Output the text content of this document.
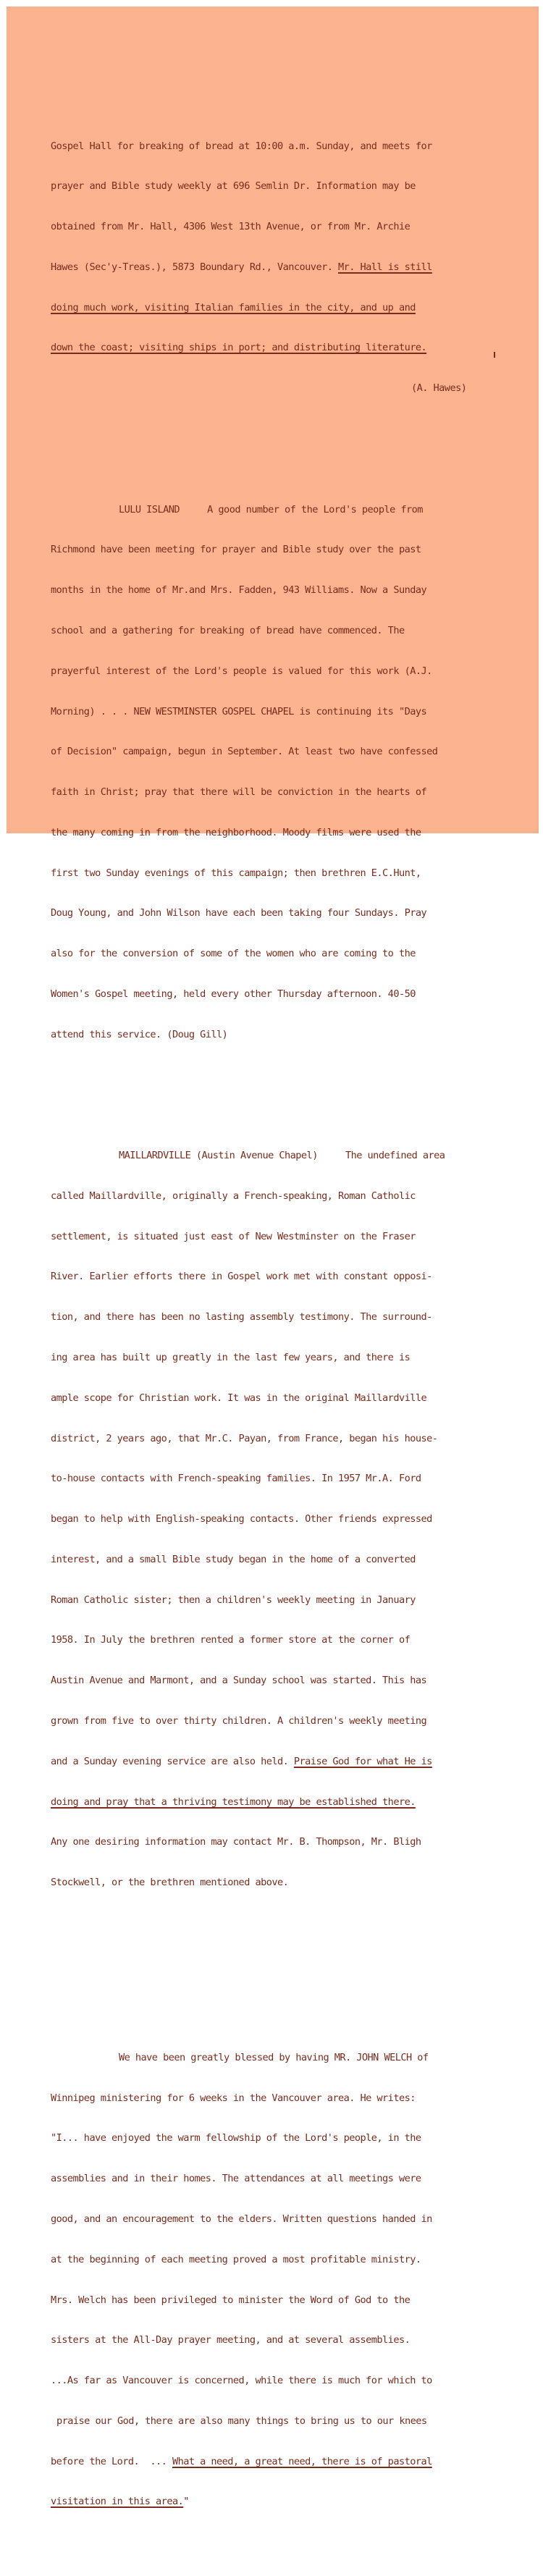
Gospel Hall for breaking of bread at 10:00 a.m. Sunday, and meets for

prayer and Bible study weekly at 696 Semlin Dr. Information may be

obtained from Mr. Hall, 4306 West 13th Avenue, or from Mr. Archie

Hawes (Sec'y-Treas.), 5873 Boundary Rd., Vancouver. Mr. Hall is still

doing much work, visiting Italian families in the city, and up and

down the coast; visiting ships in port; and distributing literature.

(A. Hawes)

LULU ISLAND	A good number of the Lord's people from

Richmond have been meeting for prayer and Bible study over the past

months in the home of Mr.and Mrs. Fadden, 943 Williams. Now a Sunday

school and a gathering for breaking of bread have commenced. The

prayerful interest of the Lord's people is valued for this work (A.J.

Morning) . . . NEW WESTMINSTER GOSPEL CHAPEL is continuing its "Days

of Decision" campaign, begun in September. At least two have confessed

faith in Christ; pray that there will be conviction in the hearts of

the many coming in from the neighborhood. Moody films were used the

first two Sunday evenings of this campaign; then brethren E.C.Hunt,

Doug Young, and John Wilson have each been taking four Sundays. Pray

also for the conversion of some of the women who are coming to the

Women's Gospel meeting, held every other Thursday afternoon. 40-50

attend this service. (Doug Gill)

MAILLARDVILLE (Austin Avenue Chapel)	The undefined area

called Maillardville, originally a French-speaking, Roman Catholic

settlement, is situated just east of New Westminster on the Fraser

River. Earlier efforts there in Gospel work met with constant opposi-

tion, and there has been no lasting assembly testimony. The surround-

ing area has built up greatly in the last few years, and there is

ample scope for Christian work. It was in the original Maillardville

district, 2 years ago, that Mr.C. Payan, from France, began his house-

to-house contacts with French-speaking families. In 1957 Mr.A. Ford

began to help with English-speaking contacts. Other friends expressed

interest, and a small Bible study began in the home of a converted

Roman Catholic sister; then a children's weekly meeting in January

1958. In July the brethren rented a former store at the corner of

Austin Avenue and Marmont, and a Sunday school was started. This has

grown from five to over thirty children. A children's weekly meeting

and a Sunday evening service are also held. Praise God for what He is

doing and pray that a thriving testimony may be established there.

Any one desiring information may contact Mr. B. Thompson, Mr. Bligh

Stockwell, or the brethren mentioned above.

We have been greatly blessed by having MR. JOHN WELCH of

Winnipeg ministering for 6 weeks in the Vancouver area. He writes:

"I... have enjoyed the warm fellowship of the Lord's people, in the

assemblies and in their homes. The attendances at all meetings were

good, and an encouragement to the elders. Written questions handed in

at the beginning of each meeting proved a most profitable ministry.

Mrs. Welch has been privileged to minister the Word of God to the

sisters at the All-Day prayer meeting, and at several assemblies.

...As far as Vancouver is concerned, while there is much for which to

praise our God, there are also many things to bring us to our knees

before the Lord.  ... What a need, a great need, there is of pastoral

visitation in this area."
